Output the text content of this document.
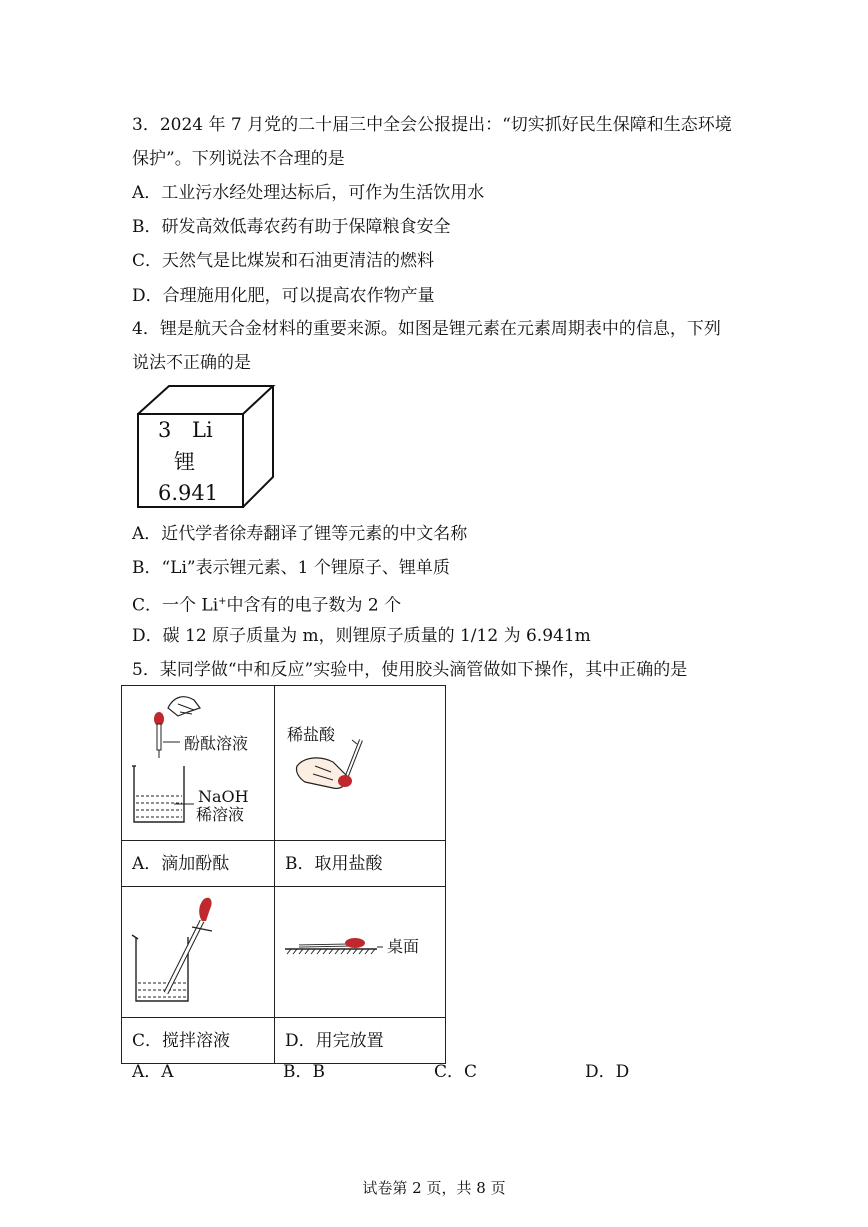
3．2024 年 7 月党的二十届三中全会公报提出：“切实抓好民生保障和生态环境
保护”。下列说法不合理的是
A．工业污水经处理达标后，可作为生活饮用水
B．研发高效低毒农药有助于保障粮食安全
C．天然气是比煤炭和石油更清洁的燃料
D．合理施用化肥，可以提高农作物产量
4．锂是航天合金材料的重要来源。如图是锂元素在元素周期表中的信息，下列
说法不正确的是
3 Li
锂
6.941
A．近代学者徐寿翻译了锂等元素的中文名称
B．“Li”表示锂元素、1 个锂原子、锂单质
C．一个 Li+中含有的电子数为 2 个
D．碳 12 原子质量为 m，则锂原子质量的 1/12 为 6.941m
5．某同学做“中和反应”实验中，使用胶头滴管做如下操作，其中正确的是
酚酞溶液
NaOH
稀溶液	稀盐酸

A．滴加酚酞	B．取用盐酸

桌面

C．搅拌溶液	D．用完放置
A．A	B．B	C．C	D．D
试卷第 2 页，共 8 页
